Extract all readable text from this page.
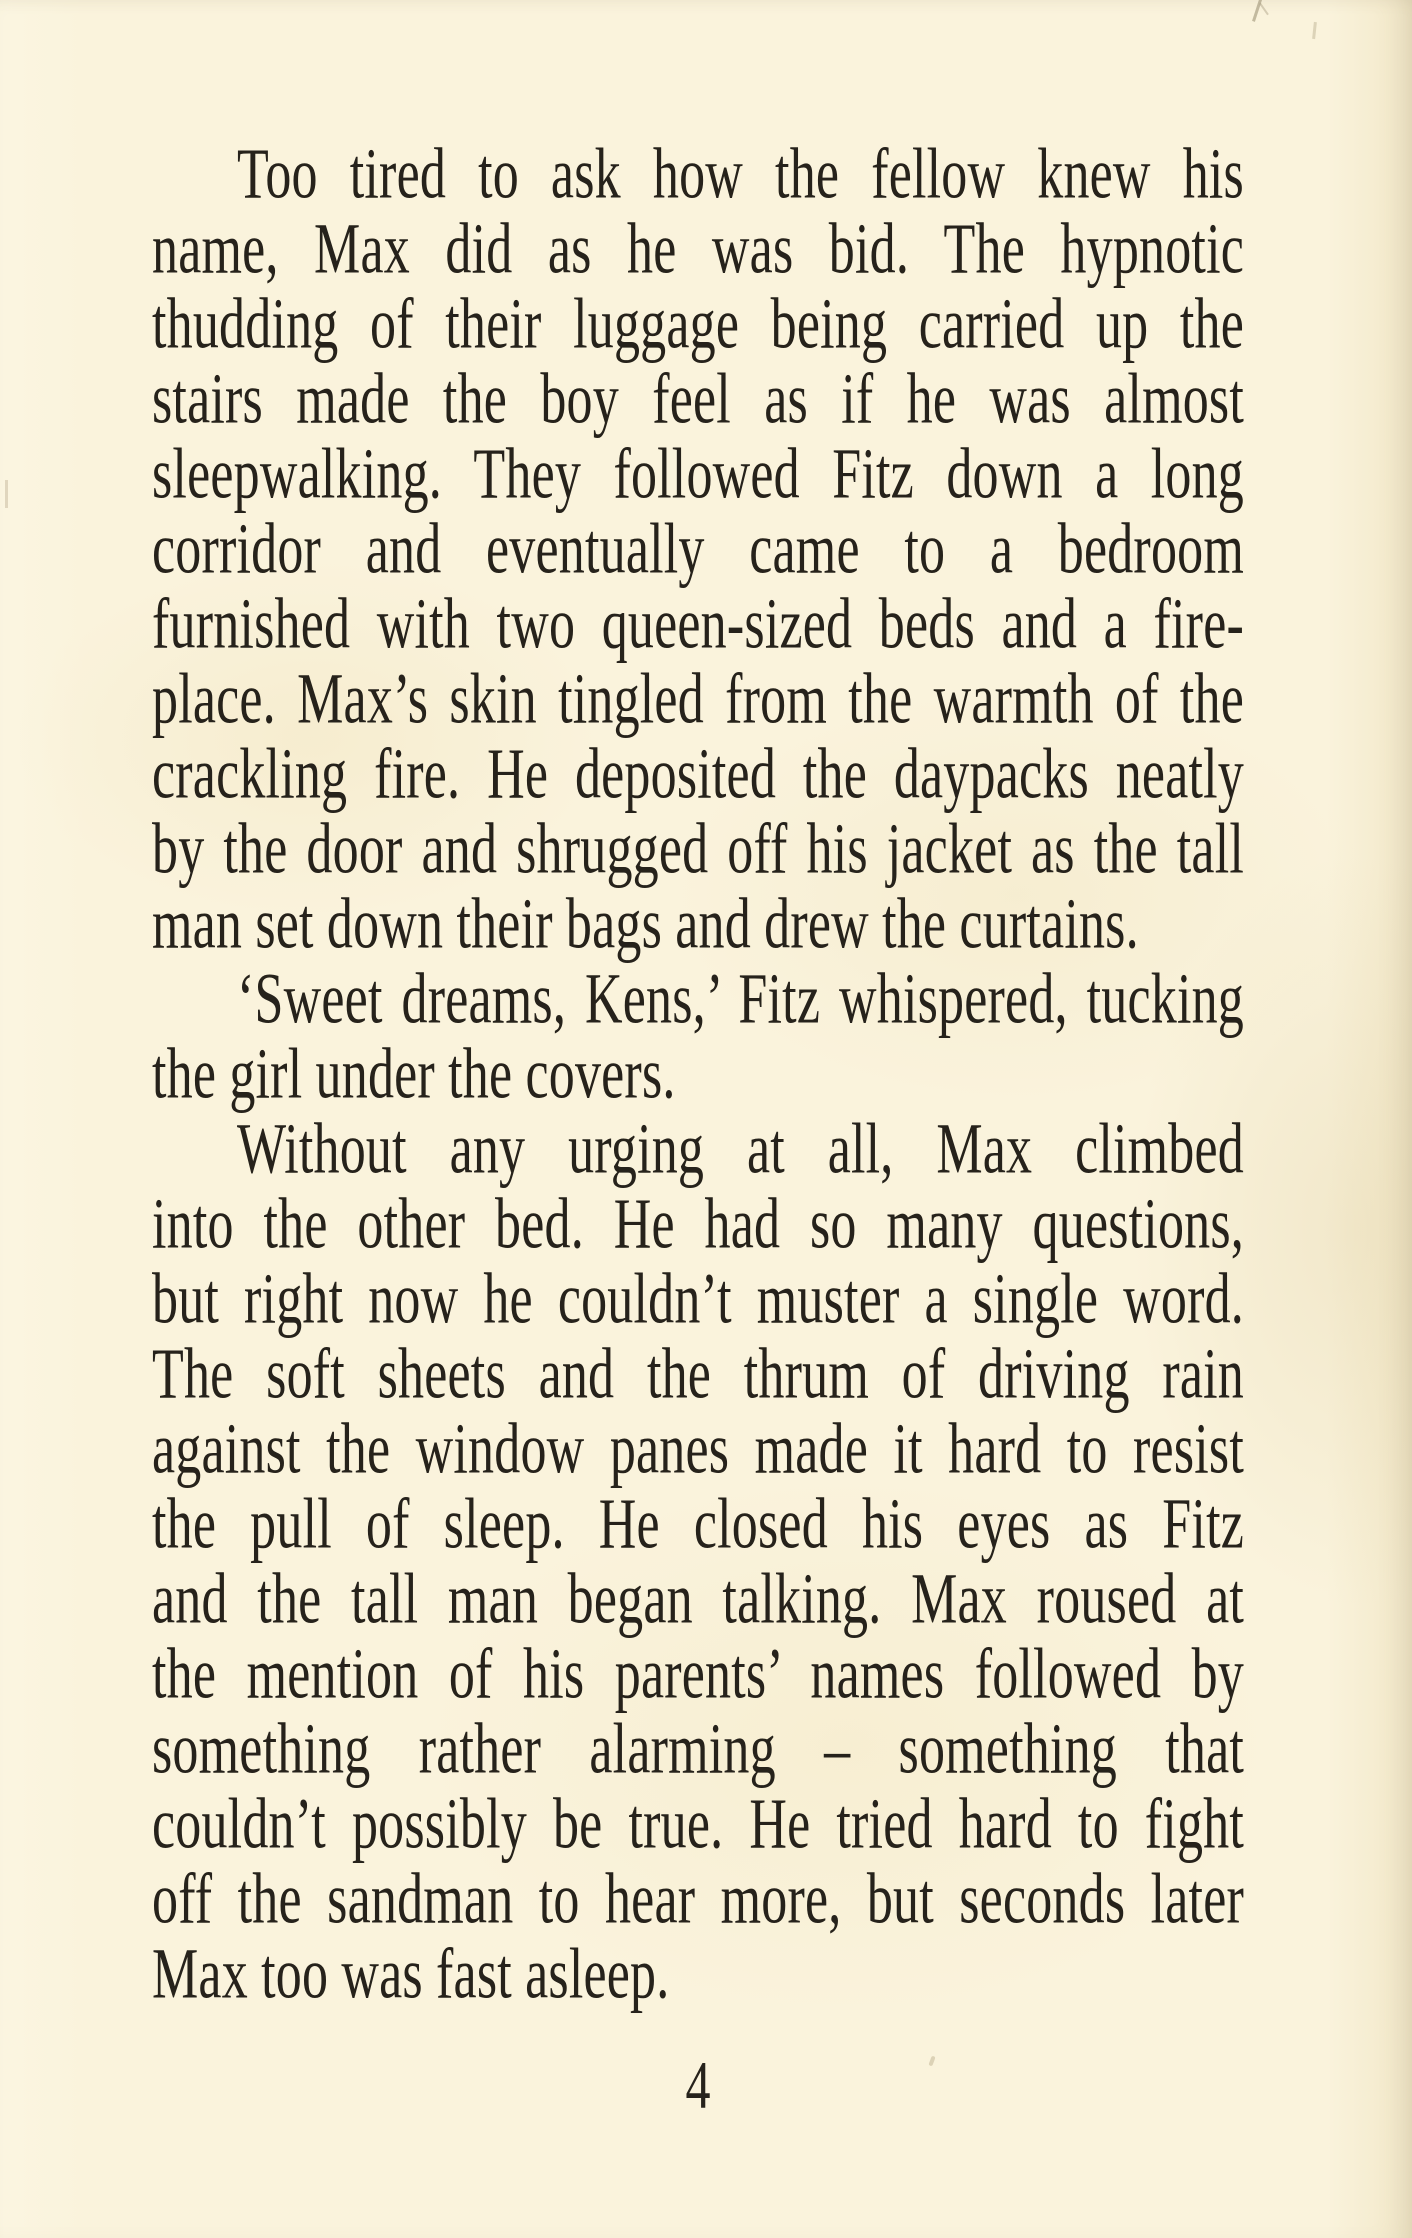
Too tired to ask how the fellow knew his
name, Max did as he was bid. The hypnotic
thudding of their luggage being carried up the
stairs made the boy feel as if he was almost
sleepwalking. They followed Fitz down a long
corridor and eventually came to a bedroom
furnished with two queen-sized beds and a fire-
place. Max’s skin tingled from the warmth of the
crackling fire. He deposited the daypacks neatly
by the door and shrugged off his jacket as the tall
man set down their bags and drew the curtains.
‘Sweet dreams, Kens,’ Fitz whispered, tucking
the girl under the covers.
Without any urging at all, Max climbed
into the other bed. He had so many questions,
but right now he couldn’t muster a single word.
The soft sheets and the thrum of driving rain
against the window panes made it hard to resist
the pull of sleep. He closed his eyes as Fitz
and the tall man began talking. Max roused at
the mention of his parents’ names followed by
something rather alarming – something that
couldn’t possibly be true. He tried hard to fight
off the sandman to hear more, but seconds later
Max too was fast asleep.
4
